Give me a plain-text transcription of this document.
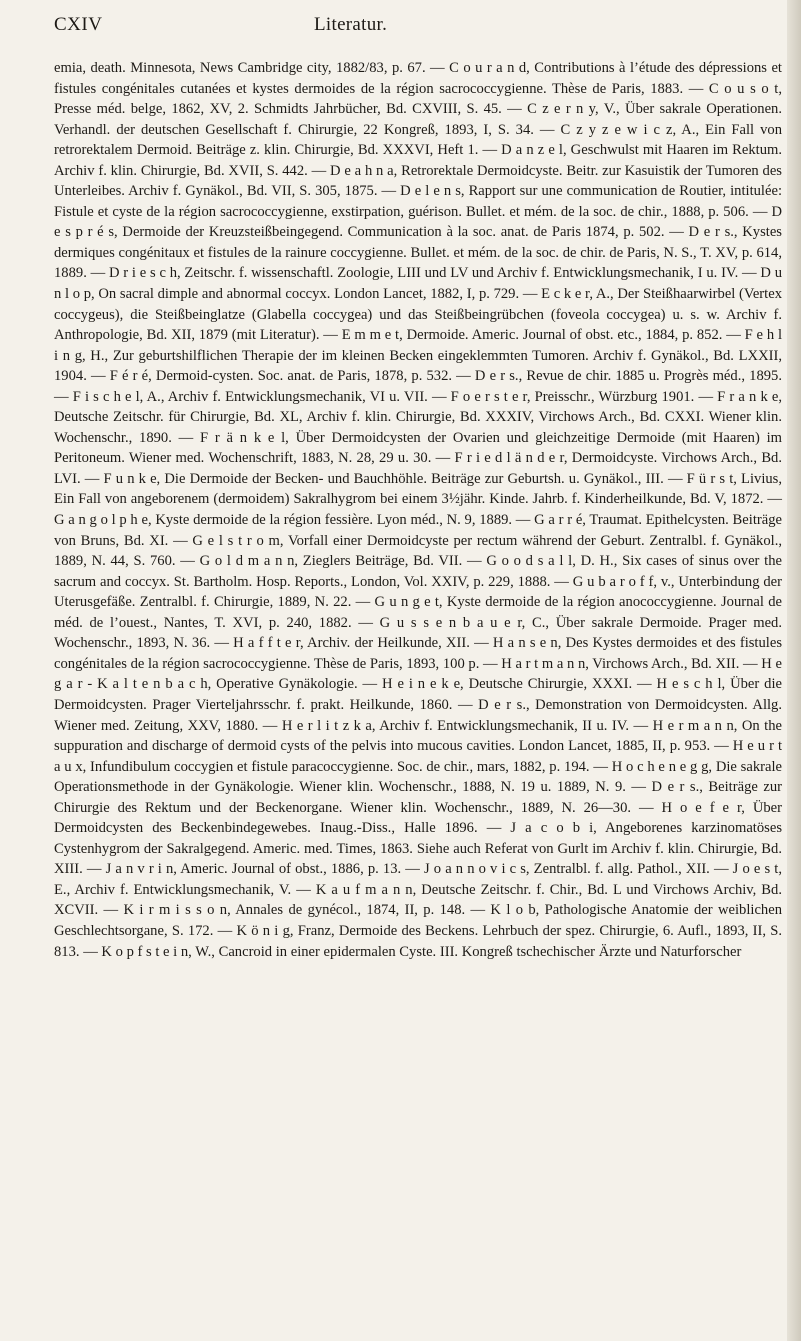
CXIV	Literatur.

emia, death. Minnesota, News Cambridge city, 1882/83, p. 67. — C o u r a n d, Contributions à l’étude des dépressions et fistules congénitales cutanées et kystes dermoides de la région sacrococcygienne. Thèse de Paris, 1883. — C o u s o t, Presse méd. belge, 1862, XV, 2. Schmidts Jahrbücher, Bd. CXVIII, S. 45. — C z e r n y, V., Über sakrale Operationen. Verhandl. der deutschen Gesellschaft f. Chirurgie, 22 Kongreß, 1893, I, S. 34. — C z y z e w i c z, A., Ein Fall von retrorektalem Dermoid. Beiträge z. klin. Chirurgie, Bd. XXXVI, Heft 1. — D a n z e l, Geschwulst mit Haaren im Rektum. Archiv f. klin. Chirurgie, Bd. XVII, S. 442. — D e a h n a, Retrorektale Dermoidcyste. Beitr. zur Kasuistik der Tumoren des Unterleibes. Archiv f. Gynäkol., Bd. VII, S. 305, 1875. — D e l e n s, Rapport sur une communication de Routier, intitulée: Fistule et cyste de la région sacrococcygienne, exstirpation, guérison. Bullet. et mém. de la soc. de chir., 1888, p. 506. — D e s p r é s, Dermoide der Kreuzsteißbeingegend. Communication à la soc. anat. de Paris 1874, p. 502. — D e r s., Kystes dermiques congénitaux et fistules de la rainure coccygienne. Bullet. et mém. de la soc. de chir. de Paris, N. S., T. XV, p. 614, 1889. — D r i e s c h, Zeitschr. f. wissenschaftl. Zoologie, LIII und LV und Archiv f. Entwicklungsmechanik, I u. IV. — D u n l o p, On sacral dimple and abnormal coccyx. London Lancet, 1882, I, p. 729. — E c k e r, A., Der Steißhaarwirbel (Vertex coccygeus), die Steißbeinglatze (Glabella coccygea) und das Steißbeingrübchen (foveola coccygea) u. s. w. Archiv f. Anthropologie, Bd. XII, 1879 (mit Literatur). — E m m e t, Dermoide. Americ. Journal of obst. etc., 1884, p. 852. — F e h l i n g, H., Zur geburtshilflichen Therapie der im kleinen Becken eingeklemmten Tumoren. Archiv f. Gynäkol., Bd. LXXII, 1904. — F é r é, Dermoid-cysten. Soc. anat. de Paris, 1878, p. 532. — D e r s., Revue de chir. 1885 u. Progrès méd., 1895. — F i s c h e l, A., Archiv f. Entwicklungsmechanik, VI u. VII. — F o e r s t e r, Preisschr., Würzburg 1901. — F r a n k e, Deutsche Zeitschr. für Chirurgie, Bd. XL, Archiv f. klin. Chirurgie, Bd. XXXIV, Virchows Arch., Bd. CXXI. Wiener klin. Wochenschr., 1890. — F r ä n k e l, Über Dermoidcysten der Ovarien und gleichzeitige Dermoide (mit Haaren) im Peritoneum. Wiener med. Wochenschrift, 1883, N. 28, 29 u. 30. — F r i e d l ä n d e r, Dermoidcyste. Virchows Arch., Bd. LVI. — F u n k e, Die Dermoide der Becken- und Bauchhöhle. Beiträge zur Geburtsh. u. Gynäkol., III. — F ü r s t, Livius, Ein Fall von angeborenem (dermoidem) Sakralhygrom bei einem 3½jähr. Kinde. Jahrb. f. Kinderheilkunde, Bd. V, 1872. — G a n g o l p h e, Kyste dermoide de la région fessière. Lyon méd., N. 9, 1889. — G a r r é, Traumat. Epithelcysten. Beiträge von Bruns, Bd. XI. — G e l s t r o m, Vorfall einer Dermoidcyste per rectum während der Geburt. Zentralbl. f. Gynäkol., 1889, N. 44, S. 760. — G o l d m a n n, Zieglers Beiträge, Bd. VII. — G o o d s a l l, D. H., Six cases of sinus over the sacrum and coccyx. St. Bartholm. Hosp. Reports., London, Vol. XXIV, p. 229, 1888. — G u b a r o f f, v., Unterbindung der Uterusgefäße. Zentralbl. f. Chirurgie, 1889, N. 22. — G u n g e t, Kyste dermoide de la région anococcygienne. Journal de méd. de l’ouest., Nantes, T. XVI, p. 240, 1882. — G u s s e n b a u e r, C., Über sakrale Dermoide. Prager med. Wochenschr., 1893, N. 36. — H a f f t e r, Archiv. der Heilkunde, XII. — H a n s e n, Des Kystes dermoides et des fistules congénitales de la région sacrococcygienne. Thèse de Paris, 1893, 100 p. — H a r t m a n n, Virchows Arch., Bd. XII. — H e g a r - K a l t e n b a c h, Operative Gynäkologie. — H e i n e k e, Deutsche Chirurgie, XXXI. — H e s c h l, Über die Dermoidcysten. Prager Vierteljahrsschr. f. prakt. Heilkunde, 1860. — D e r s., Demonstration von Dermoidcysten. Allg. Wiener med. Zeitung, XXV, 1880. — H e r l i t z k a, Archiv f. Entwicklungsmechanik, II u. IV. — H e r m a n n, On the suppuration and discharge of dermoid cysts of the pelvis into mucous cavities. London Lancet, 1885, II, p. 953. — H e u r t a u x, Infundibulum coccygien et fistule paracoccygienne. Soc. de chir., mars, 1882, p. 194. — H o c h e n e g g, Die sakrale Operationsmethode in der Gynäkologie. Wiener klin. Wochenschr., 1888, N. 19 u. 1889, N. 9. — D e r s., Beiträge zur Chirurgie des Rektum und der Beckenorgane. Wiener klin. Wochenschr., 1889, N. 26—30. — H o e f e r, Über Dermoidcysten des Beckenbindegewebes. Inaug.-Diss., Halle 1896. — J a c o b i, Angeborenes karzinomatöses Cystenhygrom der Sakralgegend. Americ. med. Times, 1863. Siehe auch Referat von Gurlt im Archiv f. klin. Chirurgie, Bd. XIII. — J a n v r i n, Americ. Journal of obst., 1886, p. 13. — J o a n n o v i c s, Zentralbl. f. allg. Pathol., XII. — J o e s t, E., Archiv f. Entwicklungsmechanik, V. — K a u f m a n n, Deutsche Zeitschr. f. Chir., Bd. L und Virchows Archiv, Bd. XCVII. — K i r m i s s o n, Annales de gynécol., 1874, II, p. 148. — K l o b, Pathologische Anatomie der weiblichen Geschlechtsorgane, S. 172. — K ö n i g, Franz, Dermoide des Beckens. Lehrbuch der spez. Chirurgie, 6. Aufl., 1893, II, S. 813. — K o p f s t e i n, W., Cancroid in einer epidermalen Cyste. III. Kongreß tschechischer Ärzte und Naturforscher
